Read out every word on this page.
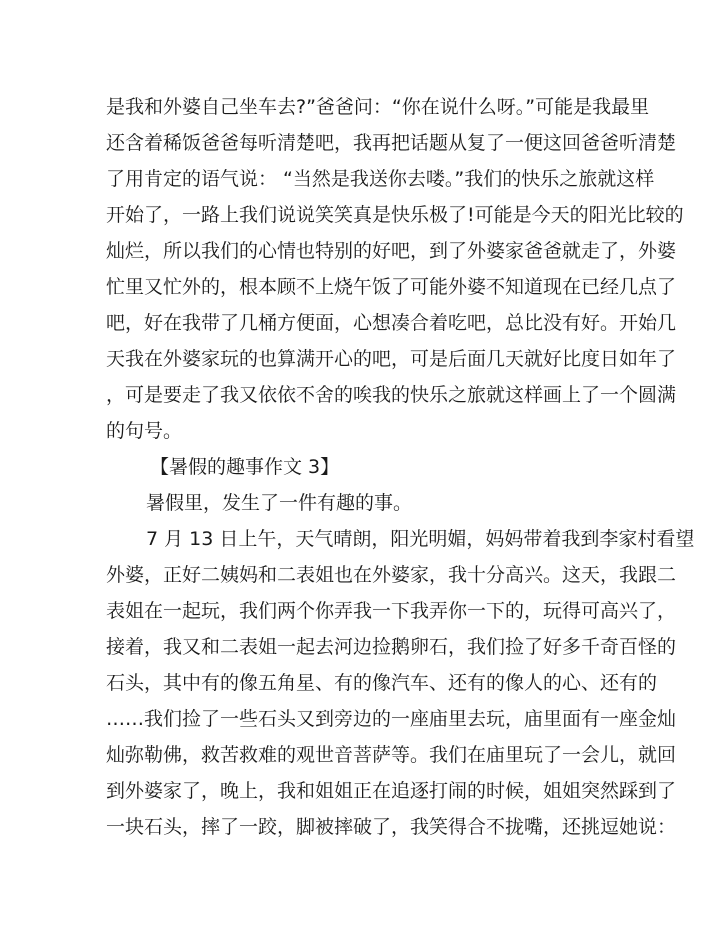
是我和外婆自己坐车去?”爸爸问：“你在说什么呀。”可能是我最里
还含着稀饭爸爸每听清楚吧，我再把话题从复了一便这回爸爸听清楚
了用肯定的语气说： “当然是我送你去喽。”我们的快乐之旅就这样
开始了，一路上我们说说笑笑真是快乐极了!可能是今天的阳光比较的
灿烂，所以我们的心情也特别的好吧，到了外婆家爸爸就走了，外婆
忙里又忙外的，根本顾不上烧午饭了可能外婆不知道现在已经几点了
吧，好在我带了几桶方便面，心想凑合着吃吧，总比没有好。开始几
天我在外婆家玩的也算满开心的吧，可是后面几天就好比度日如年了
，可是要走了我又依依不舍的唉我的快乐之旅就这样画上了一个圆满
的句号。
【暑假的趣事作文 3】
暑假里，发生了一件有趣的事。
7 月 13 日上午，天气晴朗，阳光明媚，妈妈带着我到李家村看望
外婆，正好二姨妈和二表姐也在外婆家，我十分高兴。这天，我跟二
表姐在一起玩，我们两个你弄我一下我弄你一下的，玩得可高兴了，
接着，我又和二表姐一起去河边捡鹅卵石，我们捡了好多千奇百怪的
石头，其中有的像五角星、有的像汽车、还有的像人的心、还有的
……我们捡了一些石头又到旁边的一座庙里去玩，庙里面有一座金灿
灿弥勒佛，救苦救难的观世音菩萨等。我们在庙里玩了一会儿，就回
到外婆家了，晚上，我和姐姐正在追逐打闹的时候，姐姐突然踩到了
一块石头，摔了一跤，脚被摔破了，我笑得合不拢嘴，还挑逗她说：
